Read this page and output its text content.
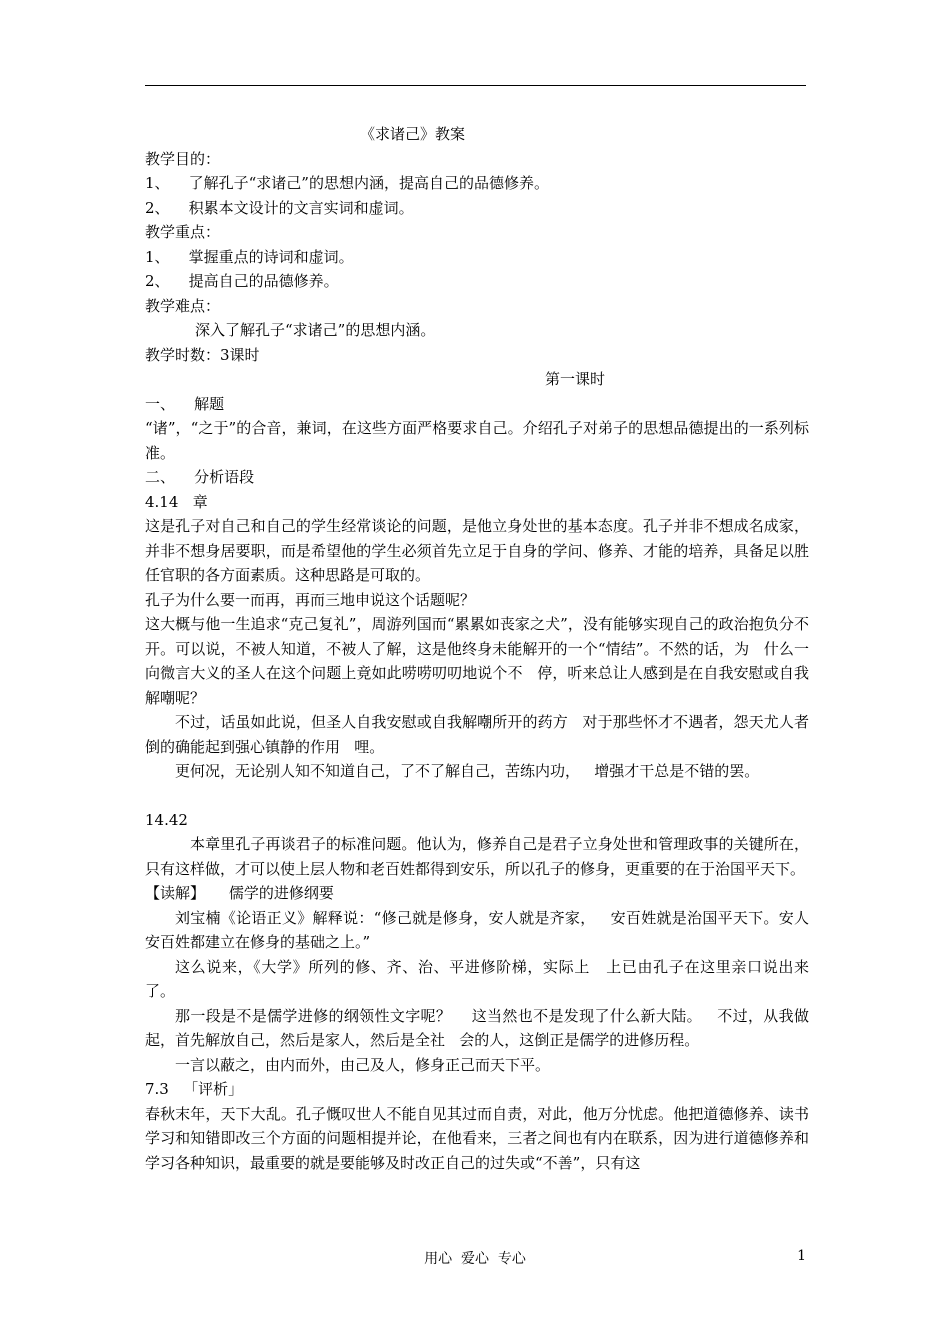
《求诸己》教案
教学目的：
1、    了解孔子“求诸己”的思想内涵，提高自己的品德修养。
2、    积累本文设计的文言实词和虚词。
教学重点：
1、    掌握重点的诗词和虚词。
2、    提高自己的品德修养。
教学难点：
深入了解孔子“求诸己”的思想内涵。
教学时数：3课时
第一课时
一、    解题
“诸”，“之于”的合音，兼词，在这些方面严格要求自己。介绍孔子对弟子的思想品德提出的一系列标准。
二、    分析语段
4.14   章
这是孔子对自己和自己的学生经常谈论的问题，是他立身处世的基本态度。孔子并非不想成名成家，并非不想身居要职，而是希望他的学生必须首先立足于自身的学问、修养、才能的培养，具备足以胜任官职的各方面素质。这种思路是可取的。
孔子为什么要一而再，再而三地申说这个话题呢？
这大概与他一生追求“克己复礼”，周游列国而“累累如丧家之犬”，没有能够实现自己的政治抱负分不开。可以说，不被人知道，不被人了解，这是他终身未能解开的一个“情结”。不然的话，为   什么一向微言大义的圣人在这个问题上竟如此唠唠叨叨地说个不   停，听来总让人感到是在自我安慰或自我解嘲呢？
不过，话虽如此说，但圣人自我安慰或自我解嘲所开的药方   对于那些怀才不遇者，怨天尤人者倒的确能起到强心镇静的作用   哩。
更何况，无论别人知不知道自己，了不了解自己，苦练内功，   增强才干总是不错的罢。
14.42
本章里孔子再谈君子的标准问题。他认为，修养自己是君子立身处世和管理政事的关键所在，只有这样做，才可以使上层人物和老百姓都得到安乐，所以孔子的修身，更重要的在于治国平天下。
【读解】     儒学的进修纲要
刘宝楠《论语正义》解释说：“修己就是修身，安人就是齐家，   安百姓就是治国平天下。安人安百姓都建立在修身的基础之上。”
这么说来，《大学》所列的修、齐、治、平进修阶梯，实际上   上已由孔子在这里亲口说出来了。
那一段是不是儒学进修的纲领性文字呢？    这当然也不是发现了什么新大陆。   不过，从我做起，首先解放自己，然后是家人，然后是全社   会的人，这倒正是儒学的进修历程。
一言以蔽之，由内而外，由己及人，修身正己而天下平。
7.3   「评析」
春秋末年，天下大乱。孔子慨叹世人不能自见其过而自责，对此，他万分忧虑。他把道德修养、读书学习和知错即改三个方面的问题相提并论，在他看来，三者之间也有内在联系，因为进行道德修养和学习各种知识，最重要的就是要能够及时改正自己的过失或“不善”，只有这
用心  爱心  专心	1
